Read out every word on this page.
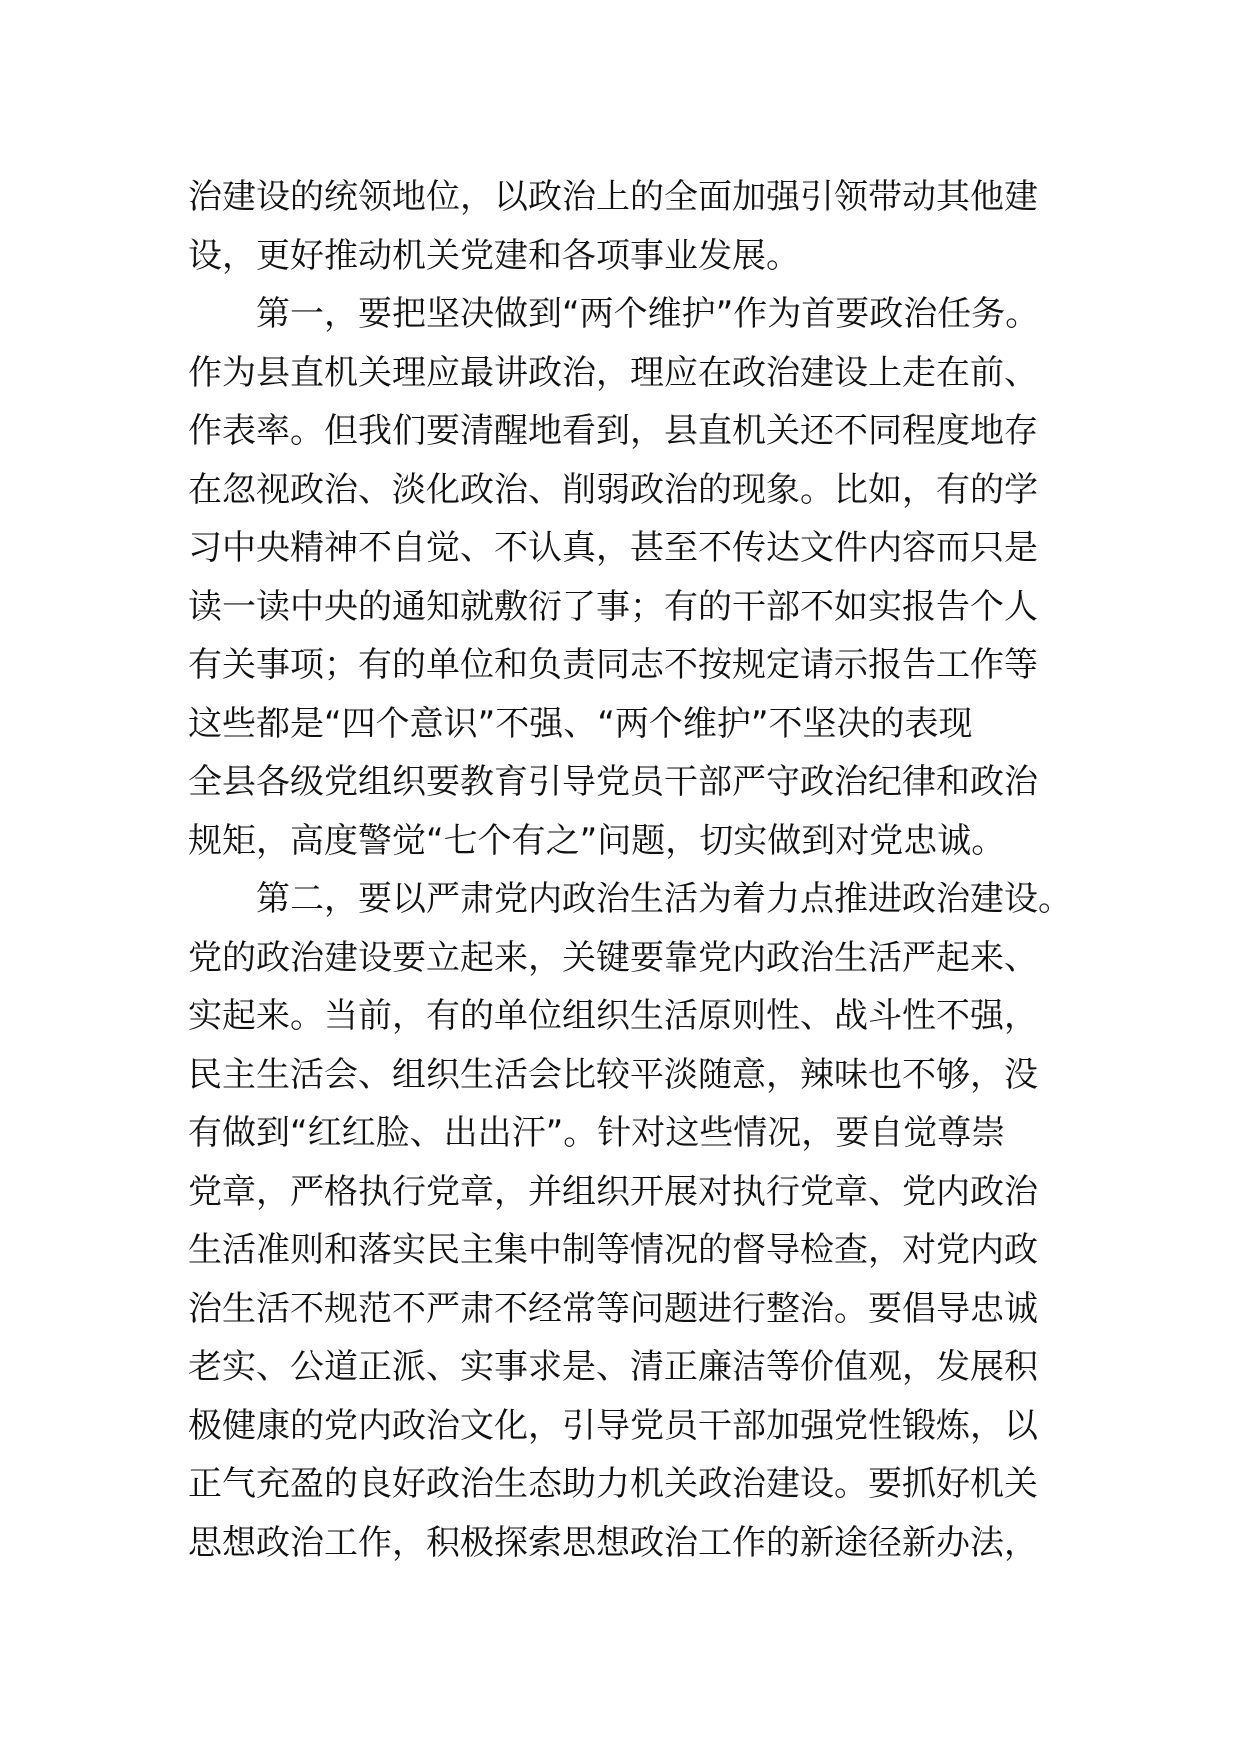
治建设的统领地位，以政治上的全面加强引领带动其他建
设，更好推动机关党建和各项事业发展。
第一，要把坚决做到“两个维护”作为首要政治任务。
作为县直机关理应最讲政治，理应在政治建设上走在前、
作表率。但我们要清醒地看到，县直机关还不同程度地存
在忽视政治、淡化政治、削弱政治的现象。比如，有的学
习中央精神不自觉、不认真，甚至不传达文件内容而只是
读一读中央的通知就敷衍了事；有的干部不如实报告个人
有关事项；有的单位和负责同志不按规定请示报告工作等
这些都是“四个意识”不强、“两个维护”不坚决的表现
全县各级党组织要教育引导党员干部严守政治纪律和政治
规矩，高度警觉“七个有之”问题，切实做到对党忠诚。
第二，要以严肃党内政治生活为着力点推进政治建设。
党的政治建设要立起来，关键要靠党内政治生活严起来、
实起来。当前，有的单位组织生活原则性、战斗性不强，
民主生活会、组织生活会比较平淡随意，辣味也不够，没
有做到“红红脸、出出汗”。针对这些情况，要自觉尊崇
党章，严格执行党章，并组织开展对执行党章、党内政治
生活准则和落实民主集中制等情况的督导检查，对党内政
治生活不规范不严肃不经常等问题进行整治。要倡导忠诚
老实、公道正派、实事求是、清正廉洁等价值观，发展积
极健康的党内政治文化，引导党员干部加强党性锻炼，以
正气充盈的良好政治生态助力机关政治建设。要抓好机关
思想政治工作，积极探索思想政治工作的新途径新办法，
